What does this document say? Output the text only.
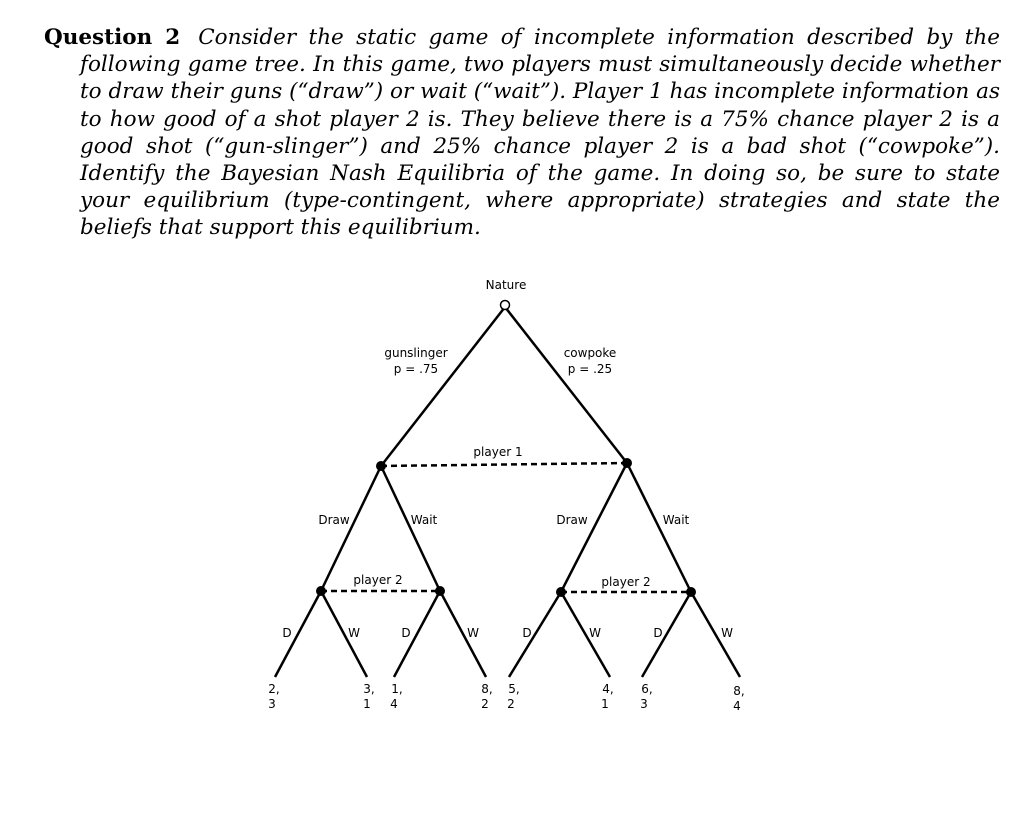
Question 2 Consider the static game of incomplete information described by the following game tree. In this game, two players must simultaneously decide whether to draw their guns (“draw”) or wait (“wait”). Player 1 has incomplete information as to how good of a shot player 2 is. They believe there is a 75% chance player 2 is a good shot (“gun-slinger”) and 25% chance player 2 is a bad shot (“cowpoke”). Identify the Bayesian Nash Equilibria of the game. In doing so, be sure to state your equilibrium (type-contingent, where appropriate) strategies and state the beliefs that support this equilibrium.

Nature
gunslinger
p = .75
cowpoke
p = .25
player 1
Draw	Wait	Draw	Wait
player 2	player 2
D	W	D	W	D	W	D	W
2,
3
3,
1
1,
4
8,
2
5,
2
4,
1
6,
3
8,
4
